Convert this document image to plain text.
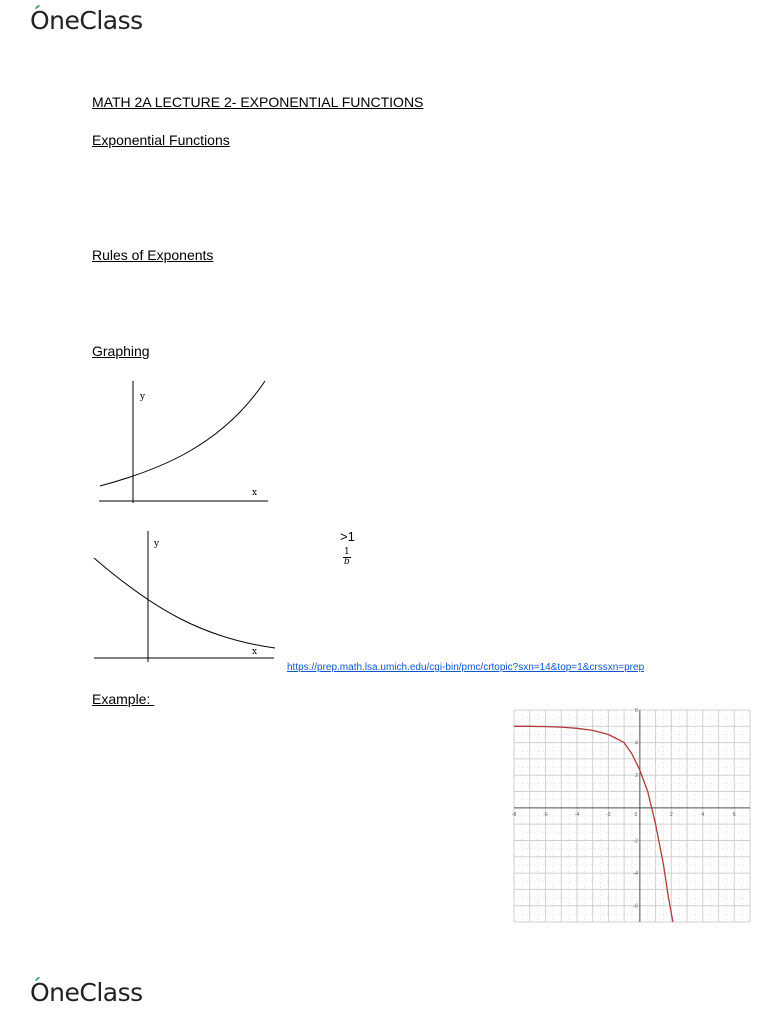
OneClass
MATH 2A LECTURE 2- EXPONENTIAL FUNCTIONS
Exponential Functions
Rules of Exponents
Graphing
y
x
y
x
>1
$\frac{1}{b}$
https://prep.math.lsa.umich.edu/cgi-bin/pmc/crtopic?sxn=14&top=1&crssxn=prep
Example:
-8	-6	-4	-2	0	2	4	6
6
4
2
-2
-4
-6
OneClass
